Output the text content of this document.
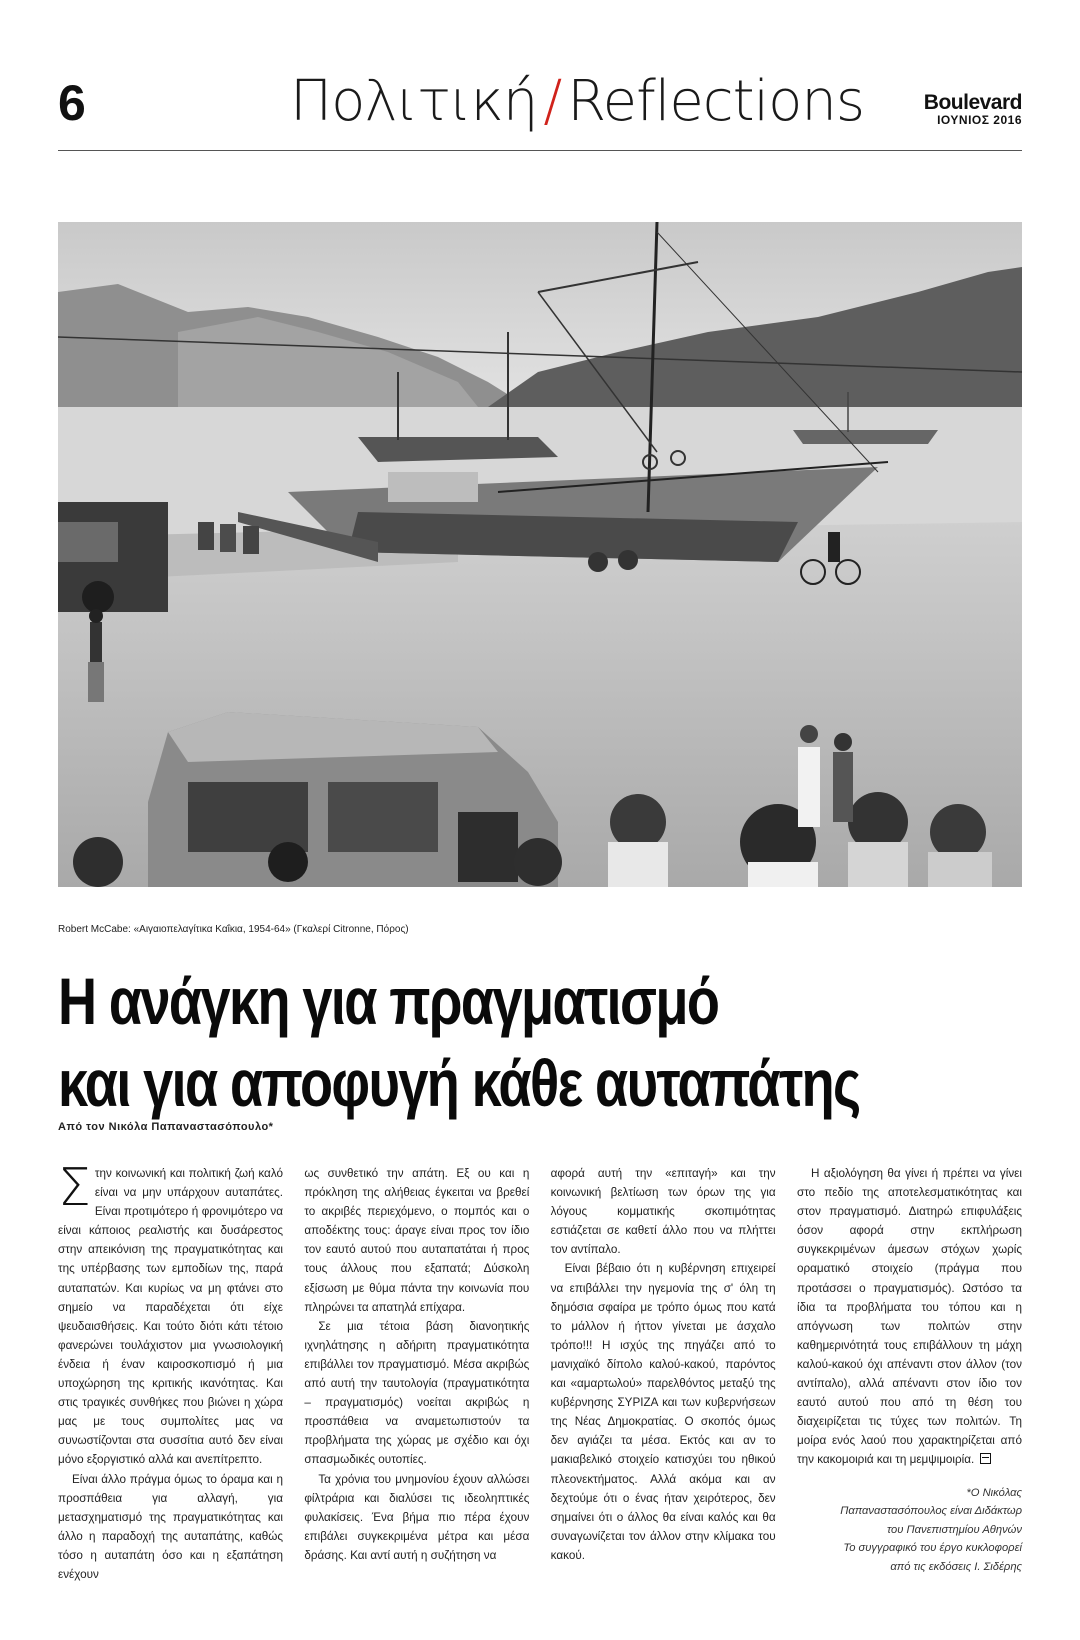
6	Πολιτική / Reflections	Boulevard
ΙΟΥΝΙΟΣ 2016
Robert McCabe: «Αιγαιοπελαγίτικα Καΐκια, 1954-64» (Γκαλερί Citronne, Πόρος)
Η ανάγκη για πραγματισμό
και για αποφυγή κάθε αυταπάτης
Από τον Νικόλα Παπαναστασόπουλο*

Στην κοινωνική και πολιτική ζωή καλό είναι να μην υπάρχουν αυταπάτες. Είναι προτιμότερο ή φρονιμότερο να είναι κάποιος ρεαλιστής και δυσάρεστος στην απεικόνιση της πραγματικότητας και της υπέρβασης των εμποδίων της, παρά αυταπατών. Και κυρίως να μη φτάνει στο σημείο να παραδέχεται ότι είχε ψευδαισθήσεις. Και τούτο διότι κάτι τέτοιο φανερώνει τουλάχιστον μια γνωσιολογική ένδεια ή έναν καιροσκοπισμό ή μια υποχώρηση της κριτικής ικανότητας. Και στις τραγικές συνθήκες που βιώνει η χώρα μας με τους συμπολίτες μας να συνωστίζονται στα συσσίτια αυτό δεν είναι μόνο εξοργιστικό αλλά και ανεπίτρεπτο.

Είναι άλλο πράγμα όμως το όραμα και η προσπάθεια για αλλαγή, για μετασχηματισμό της πραγματικότητας και άλλο η παραδοχή της αυταπάτης, καθώς τόσο η αυταπάτη όσο και η εξαπάτηση ενέχουν

ως συνθετικό την απάτη. Εξ ου και η πρόκληση της αλήθειας έγκειται να βρεθεί το ακριβές περιεχόμενο, ο πομπός και ο αποδέκτης τους: άραγε είναι προς τον ίδιο τον εαυτό αυτού που αυταπατάται ή προς τους άλλους που εξαπατά; Δύσκολη εξίσωση με θύμα πάντα την κοινωνία που πληρώνει τα απατηλά επίχαρα.

Σε μια τέτοια βάση διανοητικής ιχνηλάτησης η αδήριτη πραγματικότητα επιβάλλει τον πραγματισμό. Μέσα ακριβώς από αυτή την ταυτολογία (πραγματικότητα – πραγματισμός) νοείται ακριβώς η προσπάθεια να αναμετωπιστούν τα προβλήματα της χώρας με σχέδιο και όχι σπασμωδικές ουτοπίες.

Τα χρόνια του μνημονίου έχουν αλλώσει φίλτράρια και διαλύσει τις ιδεοληπτικές φυλακίσεις. Ένα βήμα πιο πέρα έχουν επιβάλει συγκεκριμένα μέτρα και μέσα δράσης. Και αντί αυτή η συζήτηση να

αφορά αυτή την «επιταγή» και την κοινωνική βελτίωση των όρων της για λόγους κομματικής σκοπιμότητας εστιάζεται σε καθετί άλλο που να πλήττει τον αντίπαλο.

Είναι βέβαιο ότι η κυβέρνηση επιχειρεί να επιβάλλει την ηγεμονία της σ' όλη τη δημόσια σφαίρα με τρόπο όμως που κατά το μάλλον ή ήττον γίνεται με άσχαλο τρόπο!!! Η ισχύς της πηγάζει από το μανιχαϊκό δίπολο καλού-κακού, παρόντος και «αμαρτωλού» παρελθόντος μεταξύ της κυβέρνησης ΣΥΡΙΖΑ και των κυβερνήσεων της Νέας Δημοκρατίας. Ο σκοπός όμως δεν αγιάζει τα μέσα. Εκτός και αν το μακιαβελικό στοιχείο κατισχύει του ηθικού πλεονεκτήματος. Αλλά ακόμα και αν δεχτούμε ότι ο ένας ήταν χειρότερος, δεν σημαίνει ότι ο άλλος θα είναι καλός και θα συναγωνίζεται τον άλλον στην κλίμακα του κακού.

Η αξιολόγηση θα γίνει ή πρέπει να γίνει στο πεδίο της αποτελεσματικότητας και στον πραγματισμό. Διατηρώ επιφυλάξεις όσον αφορά στην εκπλήρωση συγκεκριμένων άμεσων στόχων χωρίς οραματικό στοιχείο (πράγμα που προτάσσει ο πραγματισμός). Ωστόσο τα ίδια τα προβλήματα του τόπου και η απόγνωση των πολιτών στην καθημερινότητά τους επιβάλλουν τη μάχη καλού-κακού όχι απέναντι στον άλλον (τον αντίπαλο), αλλά απέναντι στον ίδιο τον εαυτό αυτού που από τη θέση του διαχειρίζεται τις τύχες των πολιτών. Τη μοίρα ενός λαού που χαρακτηρίζεται από την κακομοιριά και τη μεμψιμοιρία.

*Ο Νικόλας

Παπαναστασόπουλος είναι Διδάκτωρ

του Πανεπιστημίου Αθηνών

Το συγγραφικό του έργο κυκλοφορεί

από τις εκδόσεις Ι. Σιδέρης
